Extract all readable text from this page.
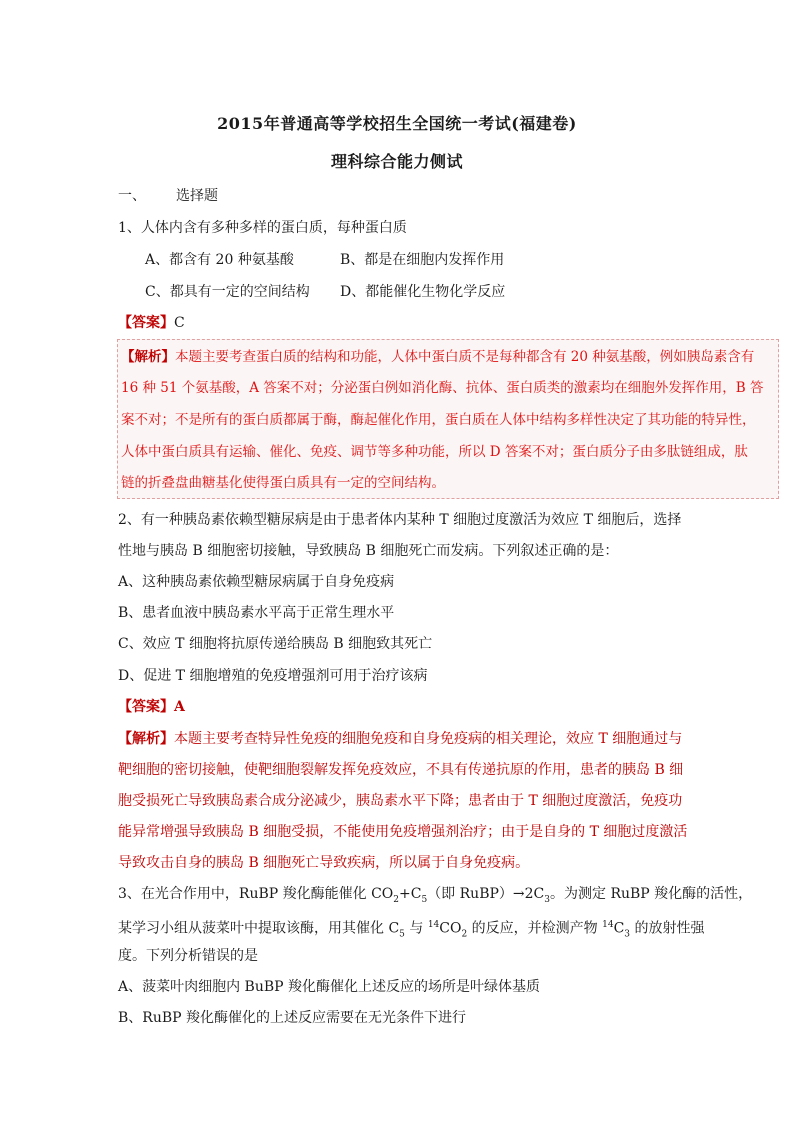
2015年普通高等学校招生全国统一考试(福建卷)
理科综合能力侧试
一、 选择题
1、人体内含有多种多样的蛋白质，每种蛋白质
A、都含有 20 种氨基酸	B、都是在细胞内发挥作用
C、都具有一定的空间结构 D、都能催化生物化学反应
【答案】C
【解析】本题主要考查蛋白质的结构和功能，人体中蛋白质不是每种都含有 20 种氨基酸，例如胰岛素含有
16 种 51 个氨基酸，A 答案不对；分泌蛋白例如消化酶、抗体、蛋白质类的激素均在细胞外发挥作用，B 答
案不对；不是所有的蛋白质都属于酶，酶起催化作用，蛋白质在人体中结构多样性决定了其功能的特异性，
人体中蛋白质具有运输、催化、免疫、调节等多种功能，所以 D 答案不对；蛋白质分子由多肽链组成，肽
链的折叠盘曲糖基化使得蛋白质具有一定的空间结构。
2、有一种胰岛素依赖型糖尿病是由于患者体内某种 T 细胞过度激活为效应 T 细胞后，选择
性地与胰岛 B 细胞密切接触，导致胰岛 B 细胞死亡而发病。下列叙述正确的是：
A、这种胰岛素依赖型糖尿病属于自身免疫病
B、患者血液中胰岛素水平高于正常生理水平
C、效应 T 细胞将抗原传递给胰岛 B 细胞致其死亡
D、促进 T 细胞增殖的免疫增强剂可用于治疗该病
【答案】A
【解析】本题主要考查特异性免疫的细胞免疫和自身免疫病的相关理论，效应 T 细胞通过与
靶细胞的密切接触，使靶细胞裂解发挥免疫效应，不具有传递抗原的作用，患者的胰岛 B 细
胞受损死亡导致胰岛素合成分泌减少，胰岛素水平下降；患者由于 T 细胞过度激活，免疫功
能异常增强导致胰岛 B 细胞受损，不能使用免疫增强剂治疗；由于是自身的 T 细胞过度激活
导致攻击自身的胰岛 B 细胞死亡导致疾病，所以属于自身免疫病。
3、在光合作用中，RuBP 羧化酶能催化 $CO_2+C_5$（即 $RuBP)\to 2C_3$。为测定 RuBP 羧化酶的活性，
某学习小组从菠菜叶中提取该酶，用其催化 $C_5$ 与 $^{14}CO_2$ 的反应，并检测产物 $^{14}C_3$ 的放射性强
度。下列分析错误的是
A、菠菜叶肉细胞内 BuBP 羧化酶催化上述反应的场所是叶绿体基质
B、RuBP 羧化酶催化的上述反应需要在无光条件下进行
